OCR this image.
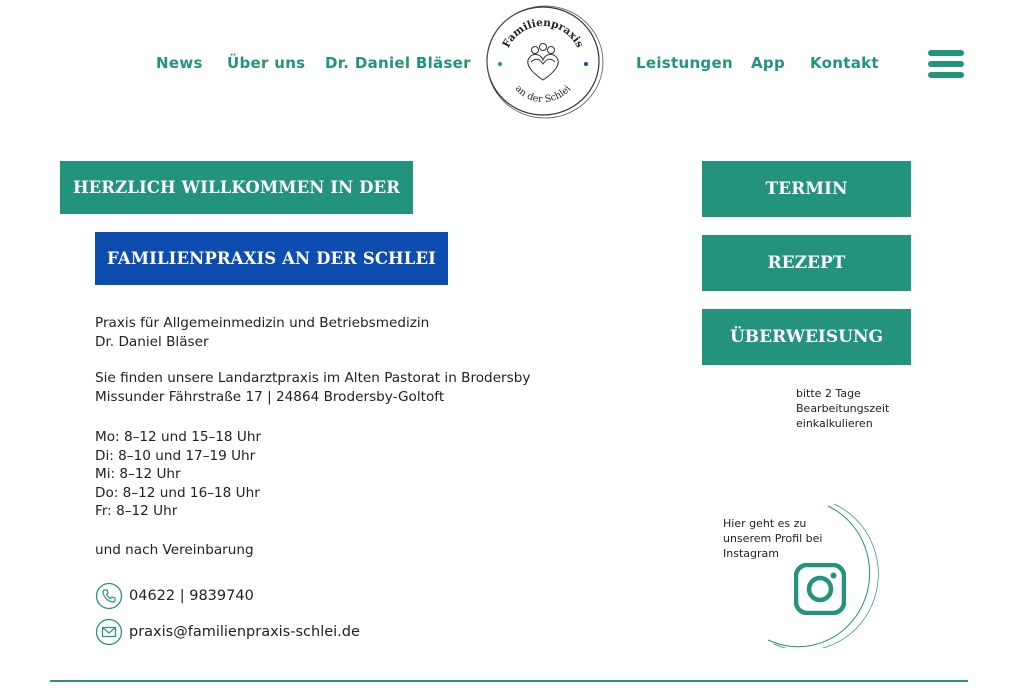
News Über uns Dr. Daniel Bläser	Leistungen App Kontakt
Familienpraxis
an der Schlei
HERZLICH WILLKOMMEN IN DER
FAMILIENPRAXIS AN DER SCHLEI
Praxis für Allgemeinmedizin und Betriebsmedizin
Dr. Daniel Bläser
Sie finden unsere Landarztpraxis im Alten Pastorat in Brodersby
Missunder Fährstraße 17 | 24864 Brodersby-Goltoft
Mo: 8–12 und 15–18 Uhr
Di: 8–10 und 17–19 Uhr
Mi: 8–12 Uhr
Do: 8–12 und 16–18 Uhr
Fr: 8–12 Uhr
und nach Vereinbarung
04622 | 9839740
praxis@familienpraxis-schlei.de
TERMIN
REZEPT
ÜBERWEISUNG
bitte 2 Tage
Bearbeitungszeit
einkalkulieren
Hier geht es zu
unserem Profil bei
Instagram
